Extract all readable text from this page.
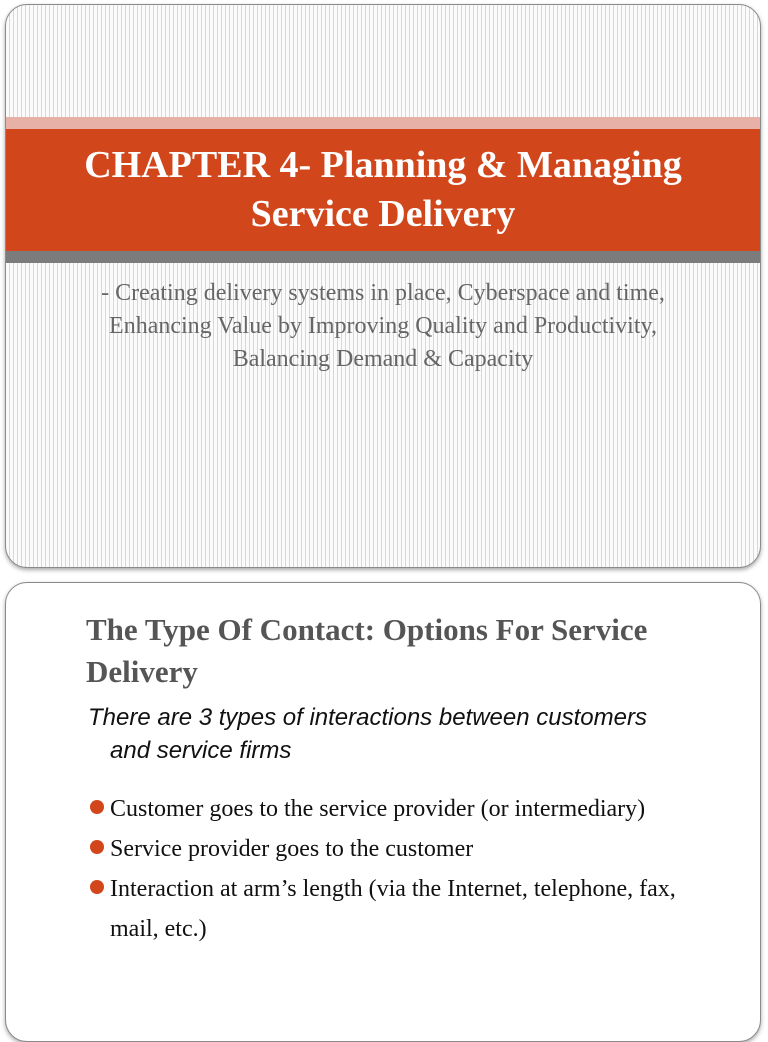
CHAPTER 4- Planning & Managing Service Delivery

- Creating delivery systems in place, Cyberspace and time, Enhancing Value by Improving Quality and Productivity, Balancing Demand & Capacity

The Type Of Contact: Options For Service Delivery

There are 3 types of interactions between customers and service firms

Customer goes to the service provider (or intermediary)
Service provider goes to the customer
Interaction at arm’s length (via the Internet, telephone, fax, mail, etc.)
